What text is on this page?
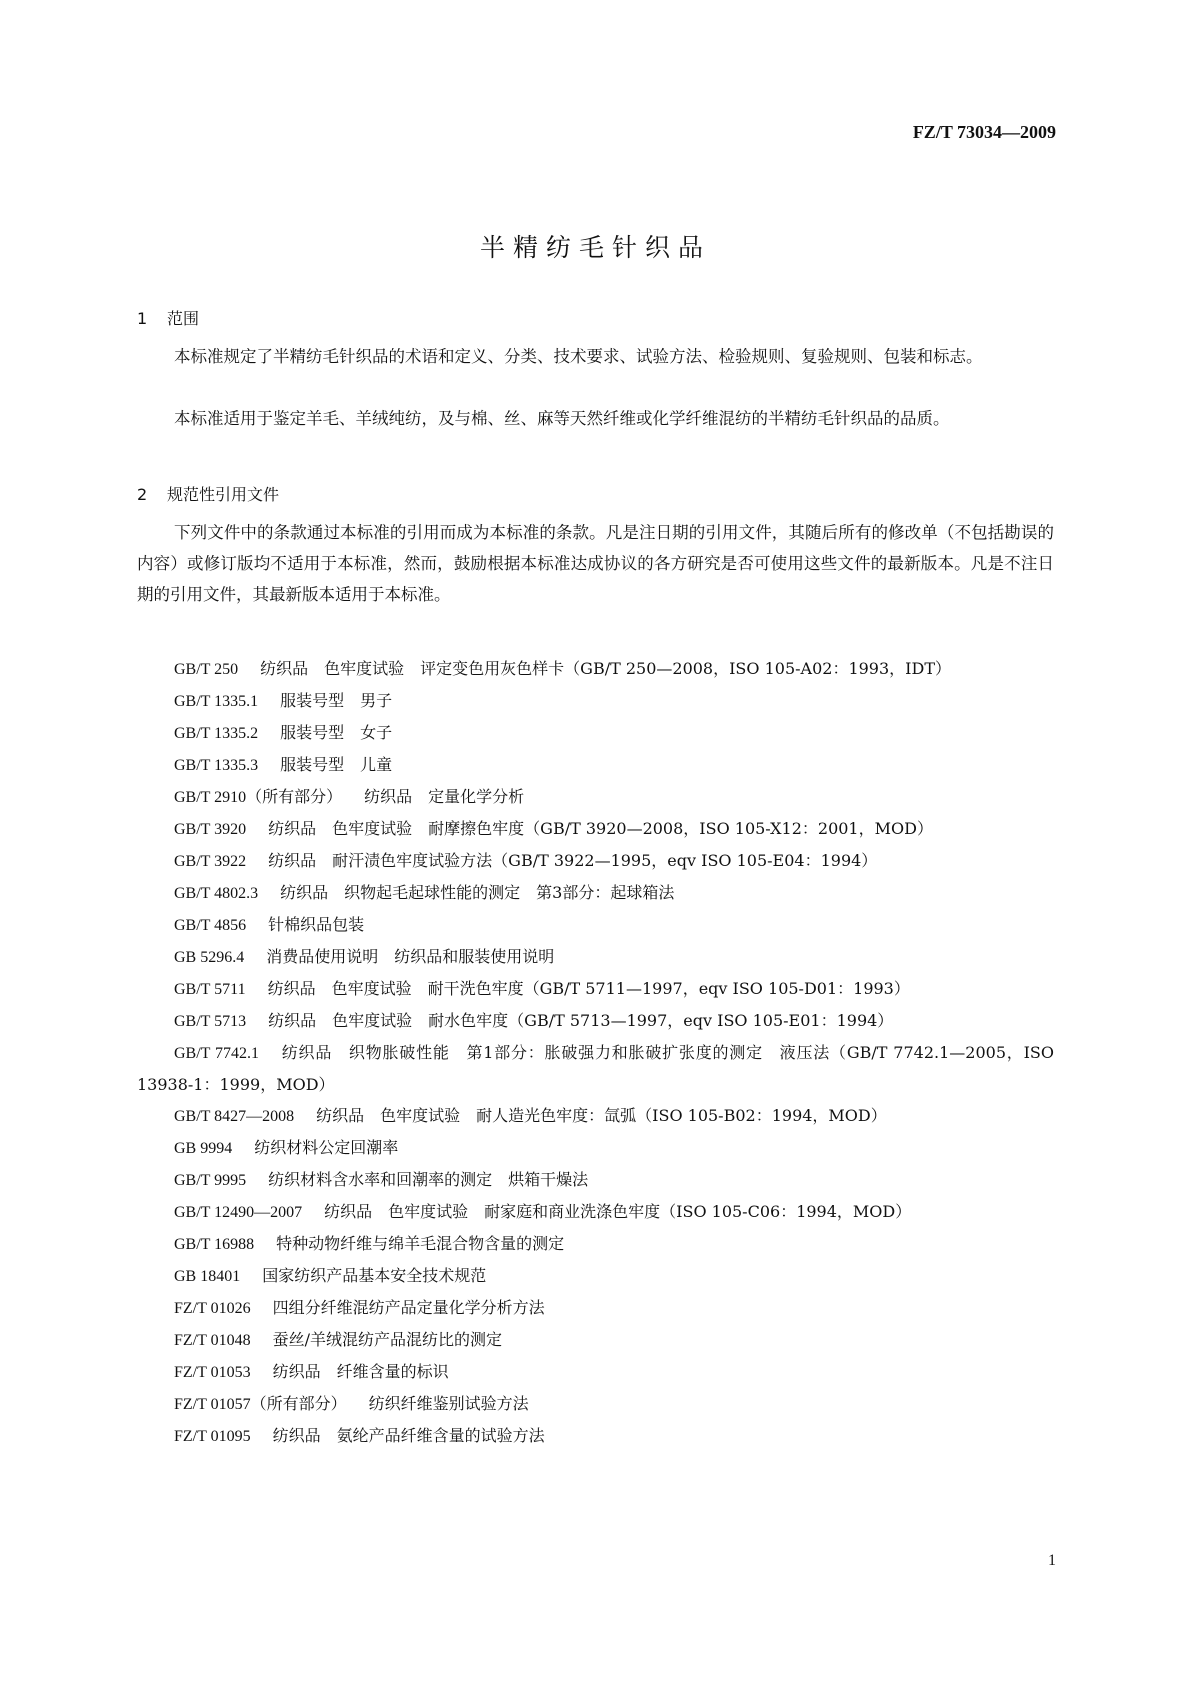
FZ/T 73034—2009
半精纺毛针织品
1 范围
本标准规定了半精纺毛针织品的术语和定义、分类、技术要求、试验方法、检验规则、复验规则、包装和标志。
本标准适用于鉴定羊毛、羊绒纯纺，及与棉、丝、麻等天然纤维或化学纤维混纺的半精纺毛针织品的品质。
2 规范性引用文件
下列文件中的条款通过本标准的引用而成为本标准的条款。凡是注日期的引用文件，其随后所有的修改单（不包括勘误的内容）或修订版均不适用于本标准，然而，鼓励根据本标准达成协议的各方研究是否可使用这些文件的最新版本。凡是不注日期的引用文件，其最新版本适用于本标准。
GB/T 250 纺织品　色牢度试验　评定变色用灰色样卡（GB/T 250—2008，ISO 105-A02：1993，IDT）
GB/T 1335.1 服装号型　男子
GB/T 1335.2 服装号型　女子
GB/T 1335.3 服装号型　儿童
GB/T 2910（所有部分） 纺织品　定量化学分析
GB/T 3920 纺织品　色牢度试验　耐摩擦色牢度（GB/T 3920—2008，ISO 105-X12：2001，MOD）
GB/T 3922 纺织品　耐汗渍色牢度试验方法（GB/T 3922—1995，eqv ISO 105-E04：1994）
GB/T 4802.3 纺织品　织物起毛起球性能的测定　第3部分：起球箱法
GB/T 4856 针棉织品包装
GB 5296.4 消费品使用说明　纺织品和服装使用说明
GB/T 5711 纺织品　色牢度试验　耐干洗色牢度（GB/T 5711—1997，eqv ISO 105-D01：1993）
GB/T 5713 纺织品　色牢度试验　耐水色牢度（GB/T 5713—1997，eqv ISO 105-E01：1994）
GB/T 7742.1 纺织品　织物胀破性能　第1部分：胀破强力和胀破扩张度的测定　液压法（GB/T 7742.1—2005，ISO 13938-1：1999，MOD）
GB/T 8427—2008 纺织品　色牢度试验　耐人造光色牢度：氙弧（ISO 105-B02：1994，MOD）
GB 9994 纺织材料公定回潮率
GB/T 9995 纺织材料含水率和回潮率的测定　烘箱干燥法
GB/T 12490—2007 纺织品　色牢度试验　耐家庭和商业洗涤色牢度（ISO 105-C06：1994，MOD）
GB/T 16988 特种动物纤维与绵羊毛混合物含量的测定
GB 18401 国家纺织产品基本安全技术规范
FZ/T 01026 四组分纤维混纺产品定量化学分析方法
FZ/T 01048 蚕丝/羊绒混纺产品混纺比的测定
FZ/T 01053 纺织品　纤维含量的标识
FZ/T 01057（所有部分） 纺织纤维鉴别试验方法
FZ/T 01095 纺织品　氨纶产品纤维含量的试验方法
1
